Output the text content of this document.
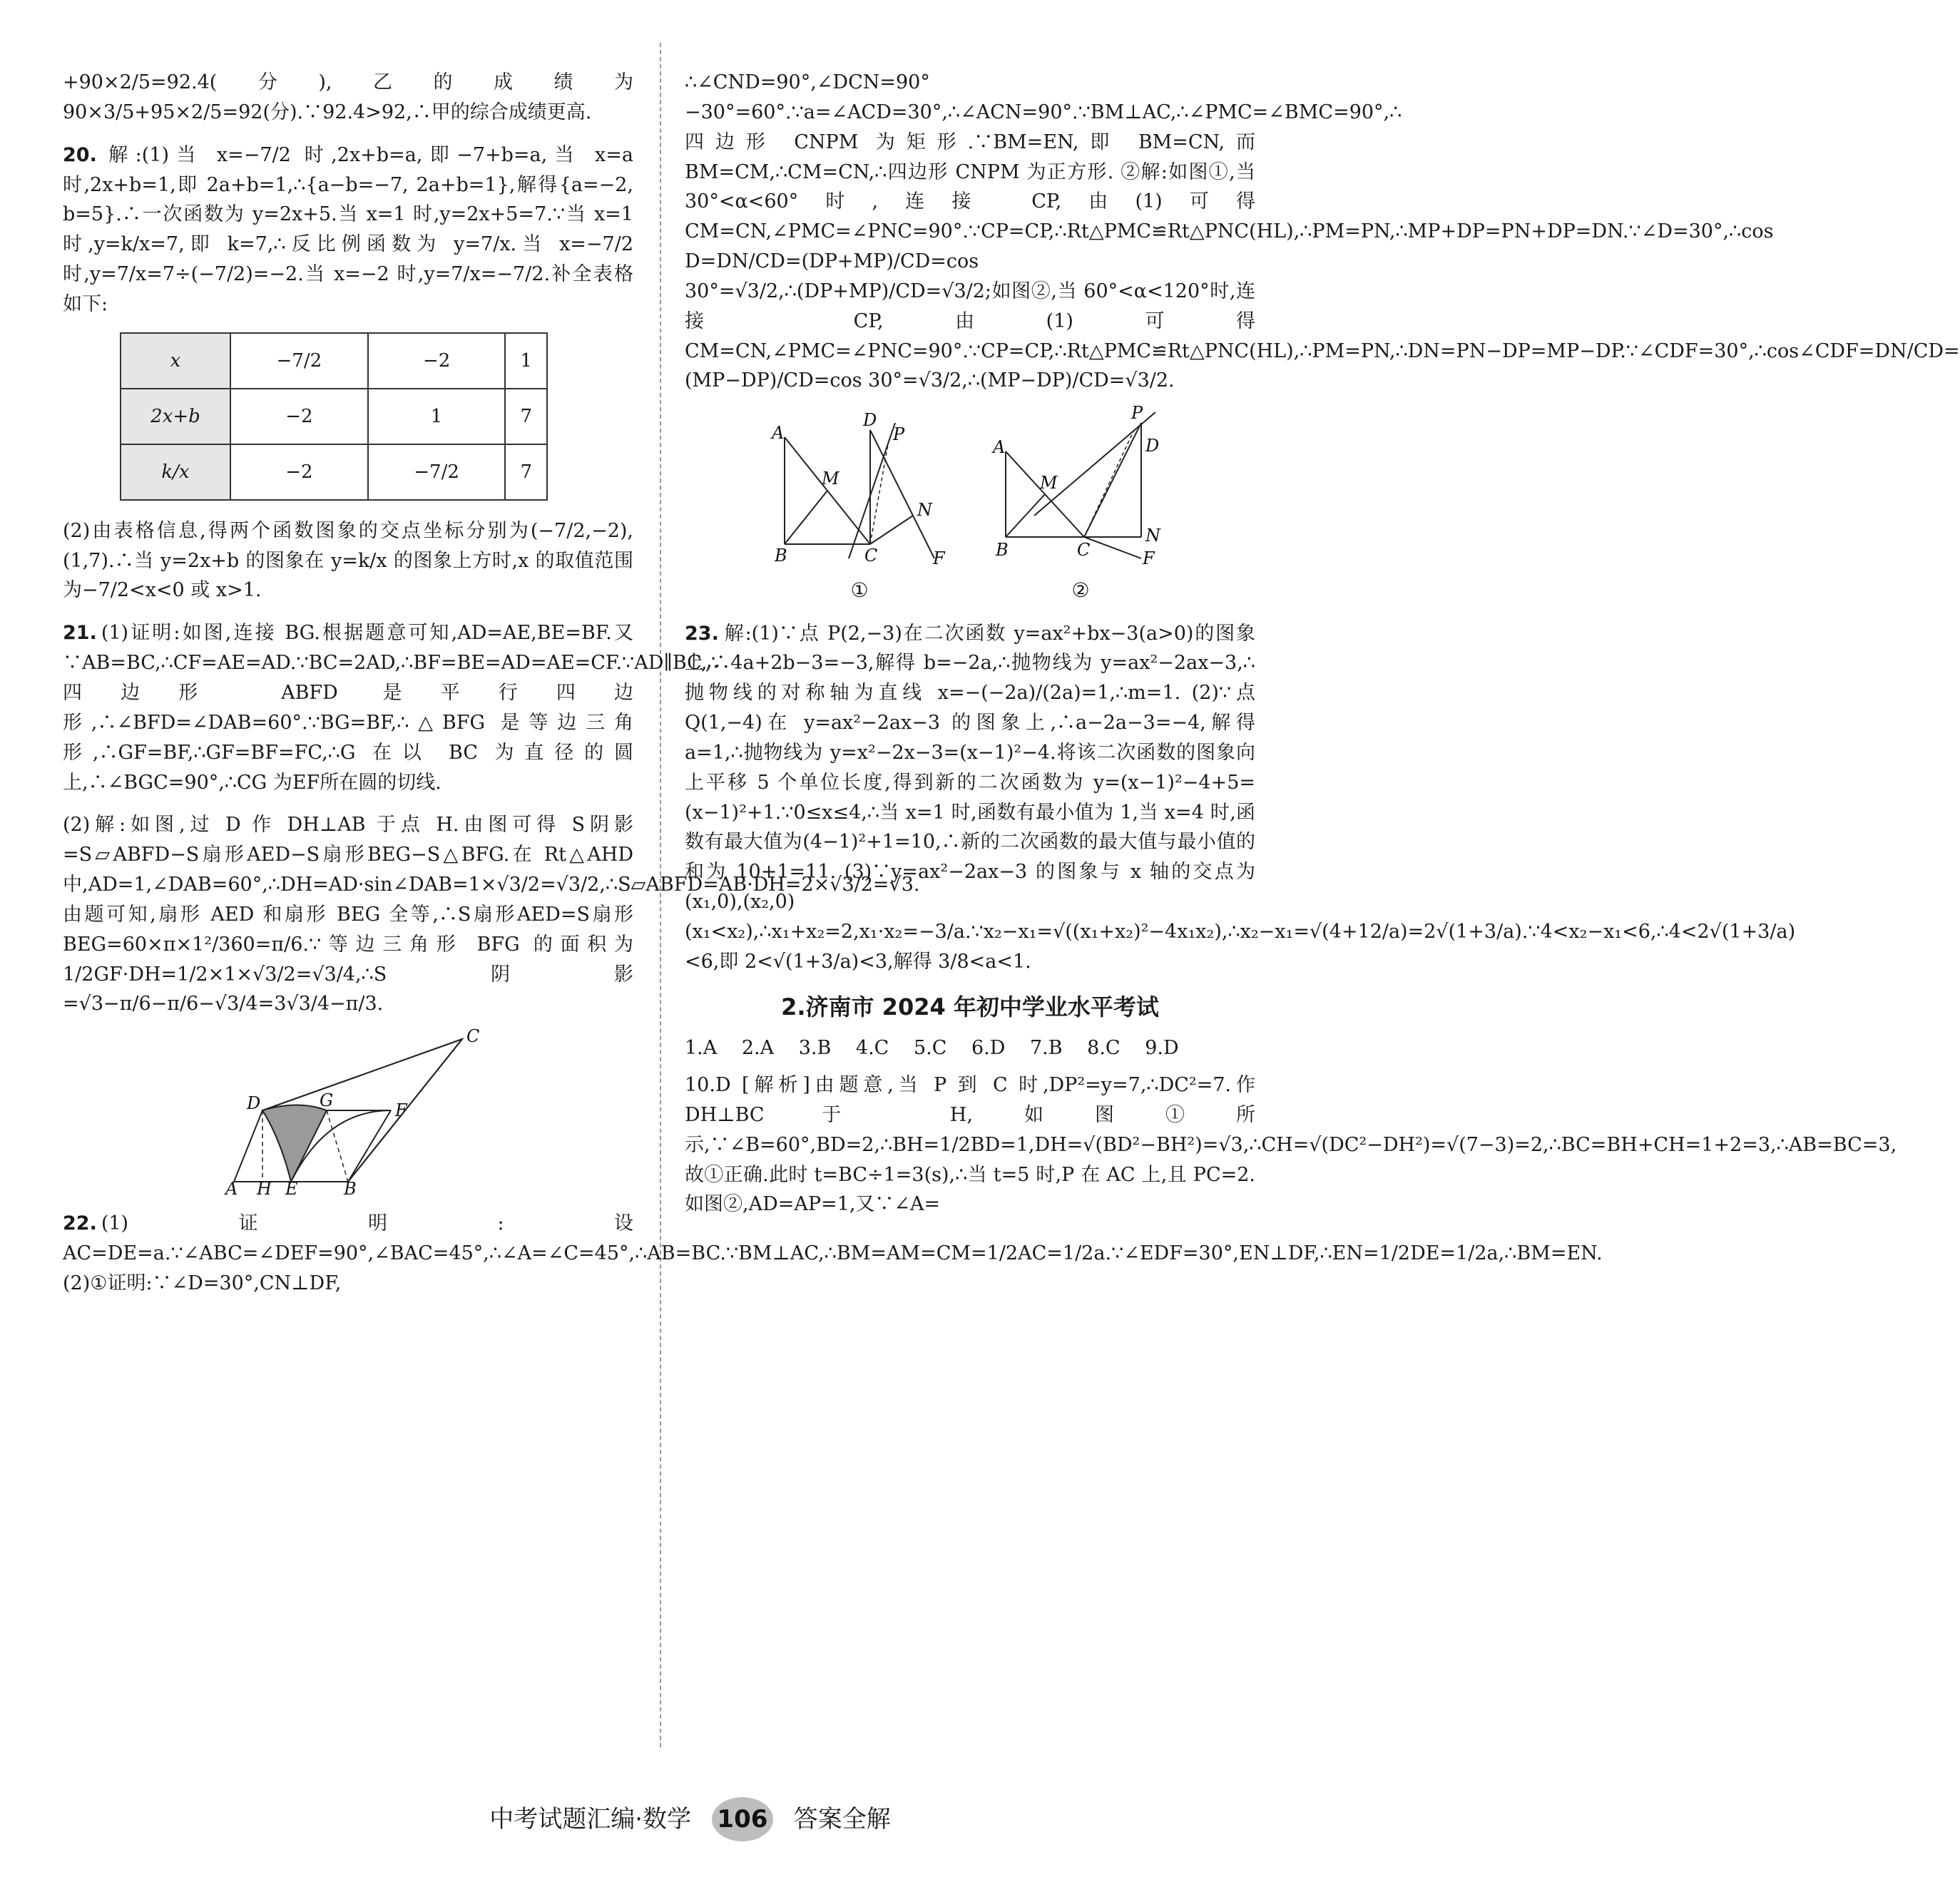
+90×2/5=92.4(分),乙的成绩为 90×3/5+95×2/5=92(分).∵92.4>92,∴甲的综合成绩更高.

20. 解:(1)当 x=−7/2 时,2x+b=a,即−7+b=a,当 x=a 时,2x+b=1,即 2a+b=1,∴{a−b=−7, 2a+b=1},解得{a=−2, b=5}.∴一次函数为 y=2x+5.当 x=1 时,y=2x+5=7.∵当 x=1 时,y=k/x=7,即 k=7,∴反比例函数为 y=7/x.当 x=−7/2 时,y=7/x=7÷(−7/2)=−2.当 x=−2 时,y=7/x=−7/2.补全表格如下:

x	−7/2	−2	1
2x+b	−2	1	7
k/x	−2	−7/2	7

(2)由表格信息,得两个函数图象的交点坐标分别为(−7/2,−2),(1,7).∴当 y=2x+b 的图象在 y=k/x 的图象上方时,x 的取值范围为−7/2<x<0 或 x>1.

21. (1)证明:如图,连接 BG.根据题意可知,AD=AE,BE=BF.又∵AB=BC,∴CF=AE=AD.∵BC=2AD,∴BF=BE=AD=AE=CF.∵AD∥BC,∴四边形 ABFD 是平行四边形,∴∠BFD=∠DAB=60°.∵BG=BF,∴△BFG 是等边三角形,∴GF=BF,∴GF=BF=FC,∴G 在以 BC 为直径的圆上,∴∠BGC=90°,∴CG 为EF所在圆的切线.

(2)解:如图,过 D 作 DH⊥AB 于点 H.由图可得 S阴影=S▱ABFD−S扇形AED−S扇形BEG−S△BFG.在 Rt△AHD 中,AD=1,∠DAB=60°,∴DH=AD·sin∠DAB=1×√3/2=√3/2,∴S▱ABFD=AB·DH=2×√3/2=√3.由题可知,扇形 AED 和扇形 BEG 全等,∴S扇形AED=S扇形BEG=60×π×1²/360=π/6.∵等边三角形 BFG 的面积为 1/2GF·DH=1/2×1×√3/2=√3/4,∴S阴影=√3−π/6−π/6−√3/4=3√3/4−π/3.

C
D	G	F
A H E	B

22. (1)证明:设 AC=DE=a.∵∠ABC=∠DEF=90°,∠BAC=45°,∴∠A=∠C=45°,∴AB=BC.∵BM⊥AC,∴BM=AM=CM=1/2AC=1/2a.∵∠EDF=30°,EN⊥DF,∴EN=1/2DE=1/2a,∴BM=EN. (2)①证明:∵∠D=30°,CN⊥DF,

∴∠CND=90°,∠DCN=90°−30°=60°.∵a=∠ACD=30°,∴∠ACN=90°.∵BM⊥AC,∴∠PMC=∠BMC=90°,∴四边形 CNPM 为矩形.∵BM=EN,即 BM=CN,而 BM=CM,∴CM=CN,∴四边形 CNPM 为正方形. ②解:如图①,当 30°<α<60°时,连接 CP,由(1)可得 CM=CN,∠PMC=∠PNC=90°.∵CP=CP,∴Rt△PMC≌Rt△PNC(HL),∴PM=PN,∴MP+DP=PN+DP=DN.∵∠D=30°,∴cos D=DN/CD=(DP+MP)/CD=cos 30°=√3/2,∴(DP+MP)/CD=√3/2;如图②,当 60°<α<120°时,连接 CP,由(1)可得 CM=CN,∠PMC=∠PNC=90°.∵CP=CP,∴Rt△PMC≌Rt△PNC(HL),∴PM=PN,∴DN=PN−DP=MP−DP.∵∠CDF=30°,∴cos∠CDF=DN/CD=(MP−DP)/CD=cos 30°=√3/2,∴(MP−DP)/CD=√3/2.

D
P
A
M
N
B	C	F
①
P
D
A
M
N
B	C	F
②

23. 解:(1)∵点 P(2,−3)在二次函数 y=ax²+bx−3(a>0)的图象上,∴4a+2b−3=−3,解得 b=−2a,∴抛物线为 y=ax²−2ax−3,∴抛物线的对称轴为直线 x=−(−2a)/(2a)=1,∴m=1. (2)∵点 Q(1,−4)在 y=ax²−2ax−3 的图象上,∴a−2a−3=−4,解得 a=1,∴抛物线为 y=x²−2x−3=(x−1)²−4.将该二次函数的图象向上平移 5 个单位长度,得到新的二次函数为 y=(x−1)²−4+5=(x−1)²+1.∵0≤x≤4,∴当 x=1 时,函数有最小值为 1,当 x=4 时,函数有最大值为(4−1)²+1=10,∴新的二次函数的最大值与最小值的和为 10+1=11. (3)∵y=ax²−2ax−3 的图象与 x 轴的交点为(x₁,0),(x₂,0)(x₁<x₂),∴x₁+x₂=2,x₁·x₂=−3/a.∵x₂−x₁=√((x₁+x₂)²−4x₁x₂),∴x₂−x₁=√(4+12/a)=2√(1+3/a).∵4<x₂−x₁<6,∴4<2√(1+3/a)<6,即 2<√(1+3/a)<3,解得 3/8<a<1.

2.济南市 2024 年初中学业水平考试
1.A 2.A 3.B 4.C 5.C 6.D 7.B 8.C 9.D

10.D [解析]由题意,当 P 到 C 时,DP²=y=7,∴DC²=7.作 DH⊥BC 于 H,如图①所示,∵∠B=60°,BD=2,∴BH=1/2BD=1,DH=√(BD²−BH²)=√3,∴CH=√(DC²−DH²)=√(7−3)=2,∴BC=BH+CH=1+2=3,∴AB=BC=3,故①正确.此时 t=BC÷1=3(s),∴当 t=5 时,P 在 AC 上,且 PC=2.如图②,AD=AP=1,又∵∠A=

中考试题汇编·数学 106 答案全解
